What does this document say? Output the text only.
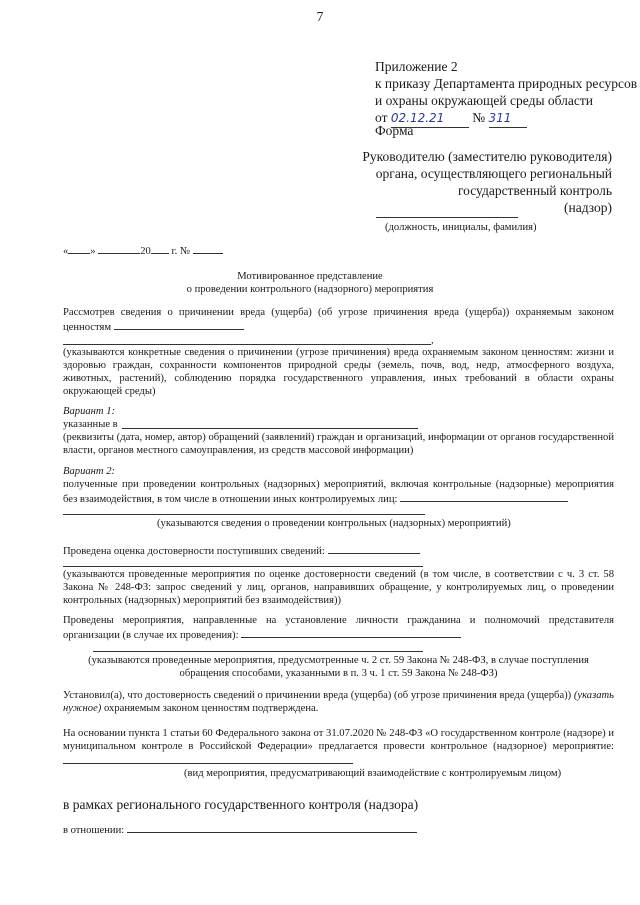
7
Приложение 2
к приказу Департамента природных ресурсов
и охраны окружающей среды области
от 02.12.21 № 311
Форма
Руководителю (заместителю руководителя)
органа, осуществляющего региональный
государственный контроль
(надзор)
(должность, инициалы, фамилия)
« »	20 г. №
Мотивированное представление
о проведении контрольного (надзорного) мероприятия
Рассмотрев сведения о причинении вреда (ущерба) (об угрозе причинения вреда (ущерба)) охраняемым законом ценностям
,
(указываются конкретные сведения о причинении (угрозе причинения) вреда охраняемым законом ценностям: жизни и здоровью граждан, сохранности компонентов природной среды (земель, почв, вод, недр, атмосферного воздуха, животных, растений), соблюдению порядка государственного управления, иных требований в области охраны окружающей среды)
Вариант 1:
указанные в
(реквизиты (дата, номер, автор) обращений (заявлений) граждан и организаций, информации от органов государственной власти, органов местного самоуправления, из средств массовой информации)
Вариант 2:
полученные при проведении контрольных (надзорных) мероприятий, включая контрольные (надзорные) мероприятия без взаимодействия, в том числе в отношении иных контролируемых лиц:
(указываются сведения о проведении контрольных (надзорных) мероприятий)
Проведена оценка достоверности поступивших сведений:
(указываются проведенные мероприятия по оценке достоверности сведений (в том числе, в соответствии с ч. 3 ст. 58 Закона № 248-ФЗ: запрос сведений у лиц, органов, направивших обращение, у контролируемых лиц, о проведении контрольных (надзорных) мероприятий без взаимодействия))
Проведены мероприятия, направленные на установление личности гражданина и полномочий представителя организации (в случае их проведения):
(указываются проведенные мероприятия, предусмотренные ч. 2 ст. 59 Закона № 248-ФЗ, в случае поступления
обращения способами, указанными в п. 3 ч. 1 ст. 59 Закона № 248-ФЗ)
Установил(а), что достоверность сведений о причинении вреда (ущерба) (об угрозе причинения вреда (ущерба)) (указать нужное) охраняемым законом ценностям подтверждена.
На основании пункта 1 статьи 60 Федерального закона от 31.07.2020 № 248-ФЗ «О государственном контроле (надзоре) и муниципальном контроле в Российской Федерации» предлагается провести контрольное (надзорное) мероприятие:
(вид мероприятия, предусматривающий взаимодействие с контролируемым лицом)
в рамках регионального государственного контроля (надзора)
в отношении:
